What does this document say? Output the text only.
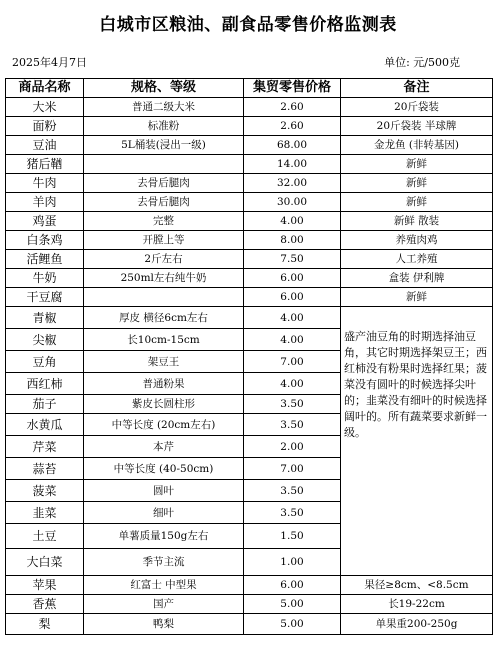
白城市区粮油、副食品零售价格监测表
2025年4月7日	单位: 元/500克
商品名称	规格、等级	集贸零售价格	备注
大米	普通二级大米	2.60	20斤袋装
面粉	标准粉	2.60	20斤袋装 半球牌
豆油	5L桶装(浸出一级)	68.00	金龙鱼 (非转基因)
猪后鞧		14.00	新鲜
牛肉	去骨后腿肉	32.00	新鲜
羊肉	去骨后腿肉	30.00	新鲜
鸡蛋	完整	4.00	新鲜 散装
白条鸡	开膛上等	8.00	养殖肉鸡
活鲤鱼	2斤左右	7.50	人工养殖
牛奶	250ml左右纯牛奶	6.00	盒装 伊利牌
干豆腐		6.00	新鲜
青椒	厚皮 横径6cm左右	4.00	盛产油豆角的时期选择油豆角，其它时期选择架豆王；西红柿没有粉果时选择红果；菠菜没有圆叶的时候选择尖叶的；韭菜没有细叶的时候选择阔叶的。所有蔬菜要求新鲜一级。

尖椒	长10cm-15cm	4.00	
豆角	架豆王	7.00	
西红柿	普通粉果	4.00	
茄子	紫皮长圆柱形	3.50	
水黄瓜	中等长度 (20cm左右)	3.50	
芹菜	本芹	2.00	
蒜苔	中等长度 (40-50cm)	7.00	
菠菜	圆叶	3.50	
韭菜	细叶	3.50	
土豆	单薯质量150g左右	1.50	
大白菜	季节主流	1.00	
苹果	红富士 中型果	6.00	果径≥8cm、<8.5cm
香蕉	国产	5.00	长19-22cm
梨	鸭梨	5.00	单果重200-250g
